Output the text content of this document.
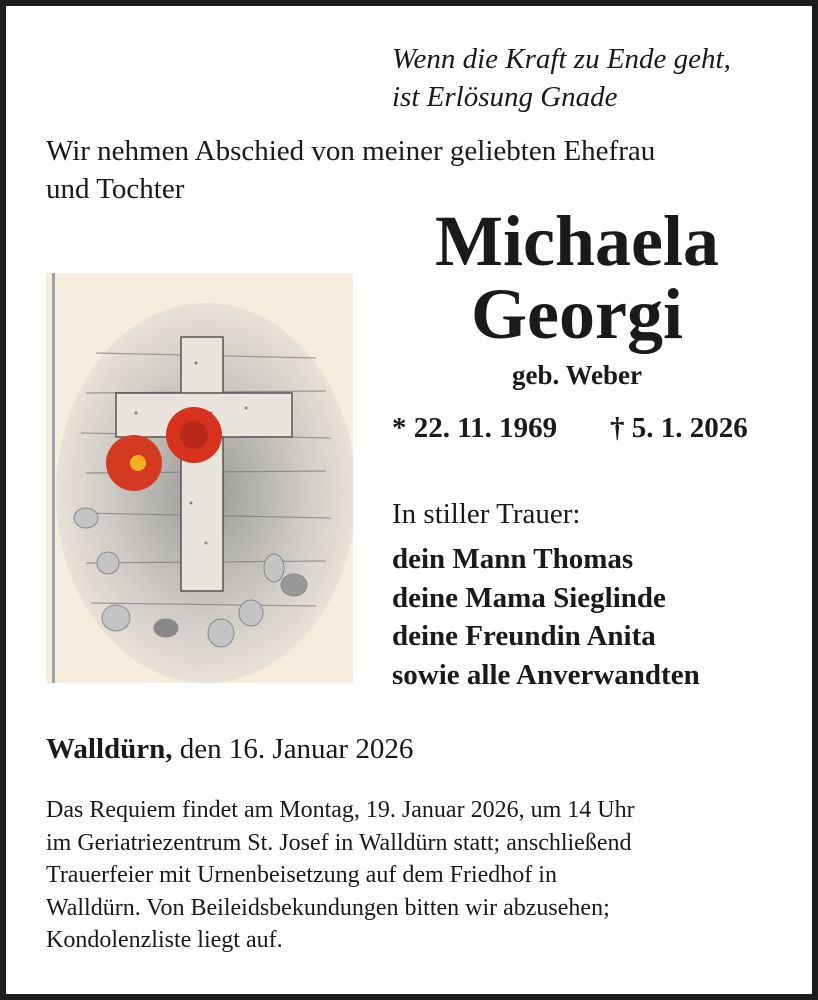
Wenn die Kraft zu Ende geht,
ist Erlösung Gnade
Wir nehmen Abschied von meiner geliebten Ehefrau
und Tochter
Michaela
Georgi
geb. Weber
* 22. 11. 1969 † 5. 1. 2026
In stiller Trauer:
dein Mann Thomas
deine Mama Sieglinde
deine Freundin Anita
sowie alle Anverwandten
Walldürn, den 16. Januar 2026
Das Requiem findet am Montag, 19. Januar 2026, um 14 Uhr
im Geriatriezentrum St. Josef in Walldürn statt; anschließend
Trauerfeier mit Urnenbeisetzung auf dem Friedhof in
Walldürn. Von Beileidsbekundungen bitten wir abzusehen;
Kondolenzliste liegt auf.
